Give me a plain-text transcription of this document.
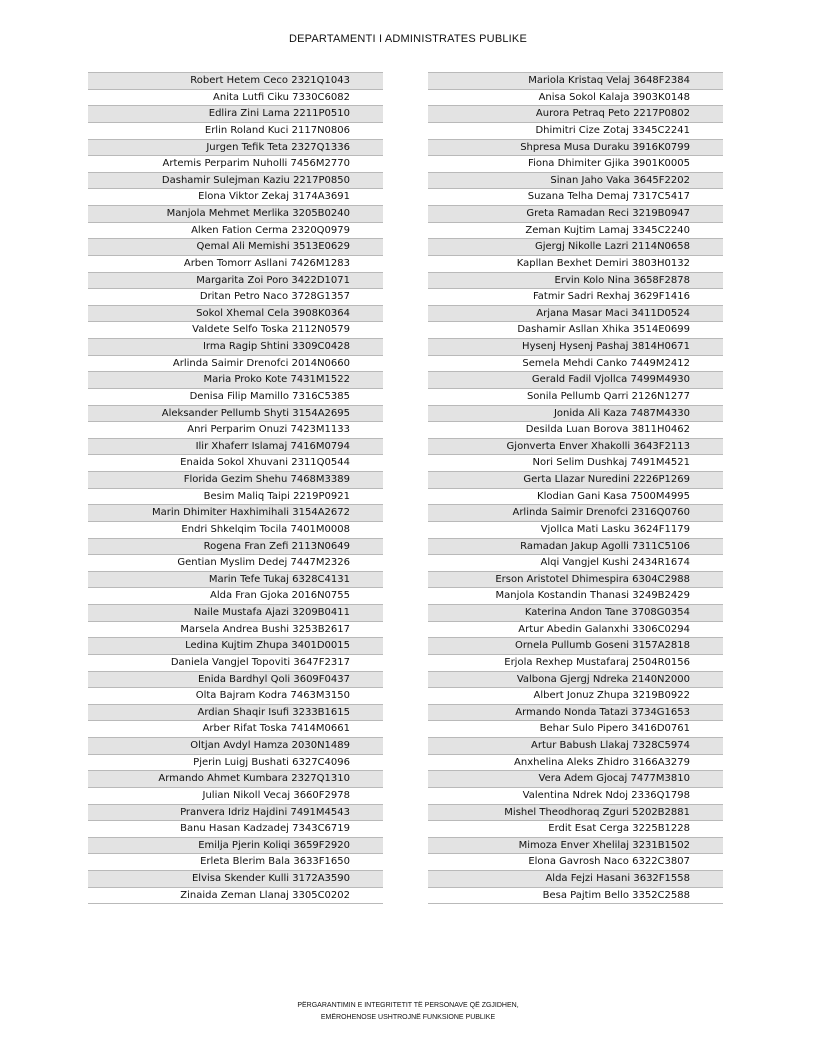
DEPARTAMENTI I ADMINISTRATES PUBLIKE
Robert Hetem Ceco 2321Q1043
Anita Lutfi Ciku 7330C6082
Edlira Zini Lama 2211P0510
Erlin Roland Kuci 2117N0806
Jurgen Tefik Teta 2327Q1336
Artemis Perparim Nuholli 7456M2770
Dashamir Sulejman Kaziu 2217P0850
Elona Viktor Zekaj 3174A3691
Manjola Mehmet Merlika 3205B0240
Alken Fation Cerma 2320Q0979
Qemal Ali Memishi 3513E0629
Arben Tomorr Asllani 7426M1283
Margarita Zoi Poro 3422D1071
Dritan Petro Naco 3728G1357
Sokol Xhemal Cela 3908K0364
Valdete Selfo Toska 2112N0579
Irma Ragip Shtini 3309C0428
Arlinda Saimir Drenofci 2014N0660
Maria Proko Kote 7431M1522
Denisa Filip Mamillo 7316C5385
Aleksander Pellumb Shyti 3154A2695
Anri Perparim Onuzi 7423M1133
Ilir Xhaferr Islamaj 7416M0794
Enaida Sokol Xhuvani 2311Q0544
Florida Gezim Shehu 7468M3389
Besim Maliq Taipi 2219P0921
Marin Dhimiter Haxhimihali 3154A2672
Endri Shkelqim Tocila 7401M0008
Rogena Fran Zefi 2113N0649
Gentian Myslim Dedej 7447M2326
Marin Tefe Tukaj 6328C4131
Alda Fran Gjoka 2016N0755
Naile Mustafa Ajazi 3209B0411
Marsela Andrea Bushi 3253B2617
Ledina Kujtim Zhupa 3401D0015
Daniela Vangjel Topoviti 3647F2317
Enida Bardhyl Qoli 3609F0437
Olta Bajram Kodra 7463M3150
Ardian Shaqir Isufi 3233B1615
Arber Rifat Toska 7414M0661
Oltjan Avdyl Hamza 2030N1489
Pjerin Luigj Bushati 6327C4096
Armando Ahmet Kumbara 2327Q1310
Julian Nikoll Vecaj 3660F2978
Pranvera Idriz Hajdini 7491M4543
Banu Hasan Kadzadej 7343C6719
Emilja Pjerin Koliqi 3659F2920
Erleta Blerim Bala 3633F1650
Elvisa Skender Kulli 3172A3590
Zinaida Zeman Llanaj 3305C0202
Mariola Kristaq Velaj 3648F2384
Anisa Sokol Kalaja 3903K0148
Aurora Petraq Peto 2217P0802
Dhimitri Cize Zotaj 3345C2241
Shpresa Musa Duraku 3916K0799
Fiona Dhimiter Gjika 3901K0005
Sinan Jaho Vaka 3645F2202
Suzana Telha Demaj 7317C5417
Greta Ramadan Reci 3219B0947
Zeman Kujtim Lamaj 3345C2240
Gjergj Nikolle Lazri 2114N0658
Kapllan Bexhet Demiri 3803H0132
Ervin Kolo Nina 3658F2878
Fatmir Sadri Rexhaj 3629F1416
Arjana Masar Maci 3411D0524
Dashamir Asllan Xhika 3514E0699
Hysenj Hysenj Pashaj 3814H0671
Semela Mehdi Canko 7449M2412
Gerald Fadil Vjollca 7499M4930
Sonila Pellumb Qarri 2126N1277
Jonida Ali Kaza 7487M4330
Desilda Luan Borova 3811H0462
Gjonverta Enver Xhakolli 3643F2113
Nori Selim Dushkaj 7491M4521
Gerta Llazar Nuredini 2226P1269
Klodian Gani Kasa 7500M4995
Arlinda Saimir Drenofci 2316Q0760
Vjollca Mati Lasku 3624F1179
Ramadan Jakup Agolli 7311C5106
Alqi Vangjel Kushi 2434R1674
Erson Aristotel Dhimespira 6304C2988
Manjola Kostandin Thanasi 3249B2429
Katerina Andon Tane 3708G0354
Artur Abedin Galanxhi 3306C0294
Ornela Pullumb Goseni 3157A2818
Erjola Rexhep Mustafaraj 2504R0156
Valbona Gjergj Ndreka 2140N2000
Albert Jonuz Zhupa 3219B0922
Armando Nonda Tatazi 3734G1653
Behar Sulo Pipero 3416D0761
Artur Babush Llakaj 7328C5974
Anxhelina Aleks Zhidro 3166A3279
Vera Adem Gjocaj 7477M3810
Valentina Ndrek Ndoj 2336Q1798
Mishel Theodhoraq Zguri 5202B2881
Erdit Esat Cerga 3225B1228
Mimoza Enver Xhelilaj 3231B1502
Elona Gavrosh Naco 6322C3807
Alda Fejzi Hasani 3632F1558
Besa Pajtim Bello 3352C2588
PËRGARANTIMIN E INTEGRITETIT TË PERSONAVE QË ZGJIDHEN,
EMËROHENOSE USHTROJNË FUNKSIONE PUBLIKE
